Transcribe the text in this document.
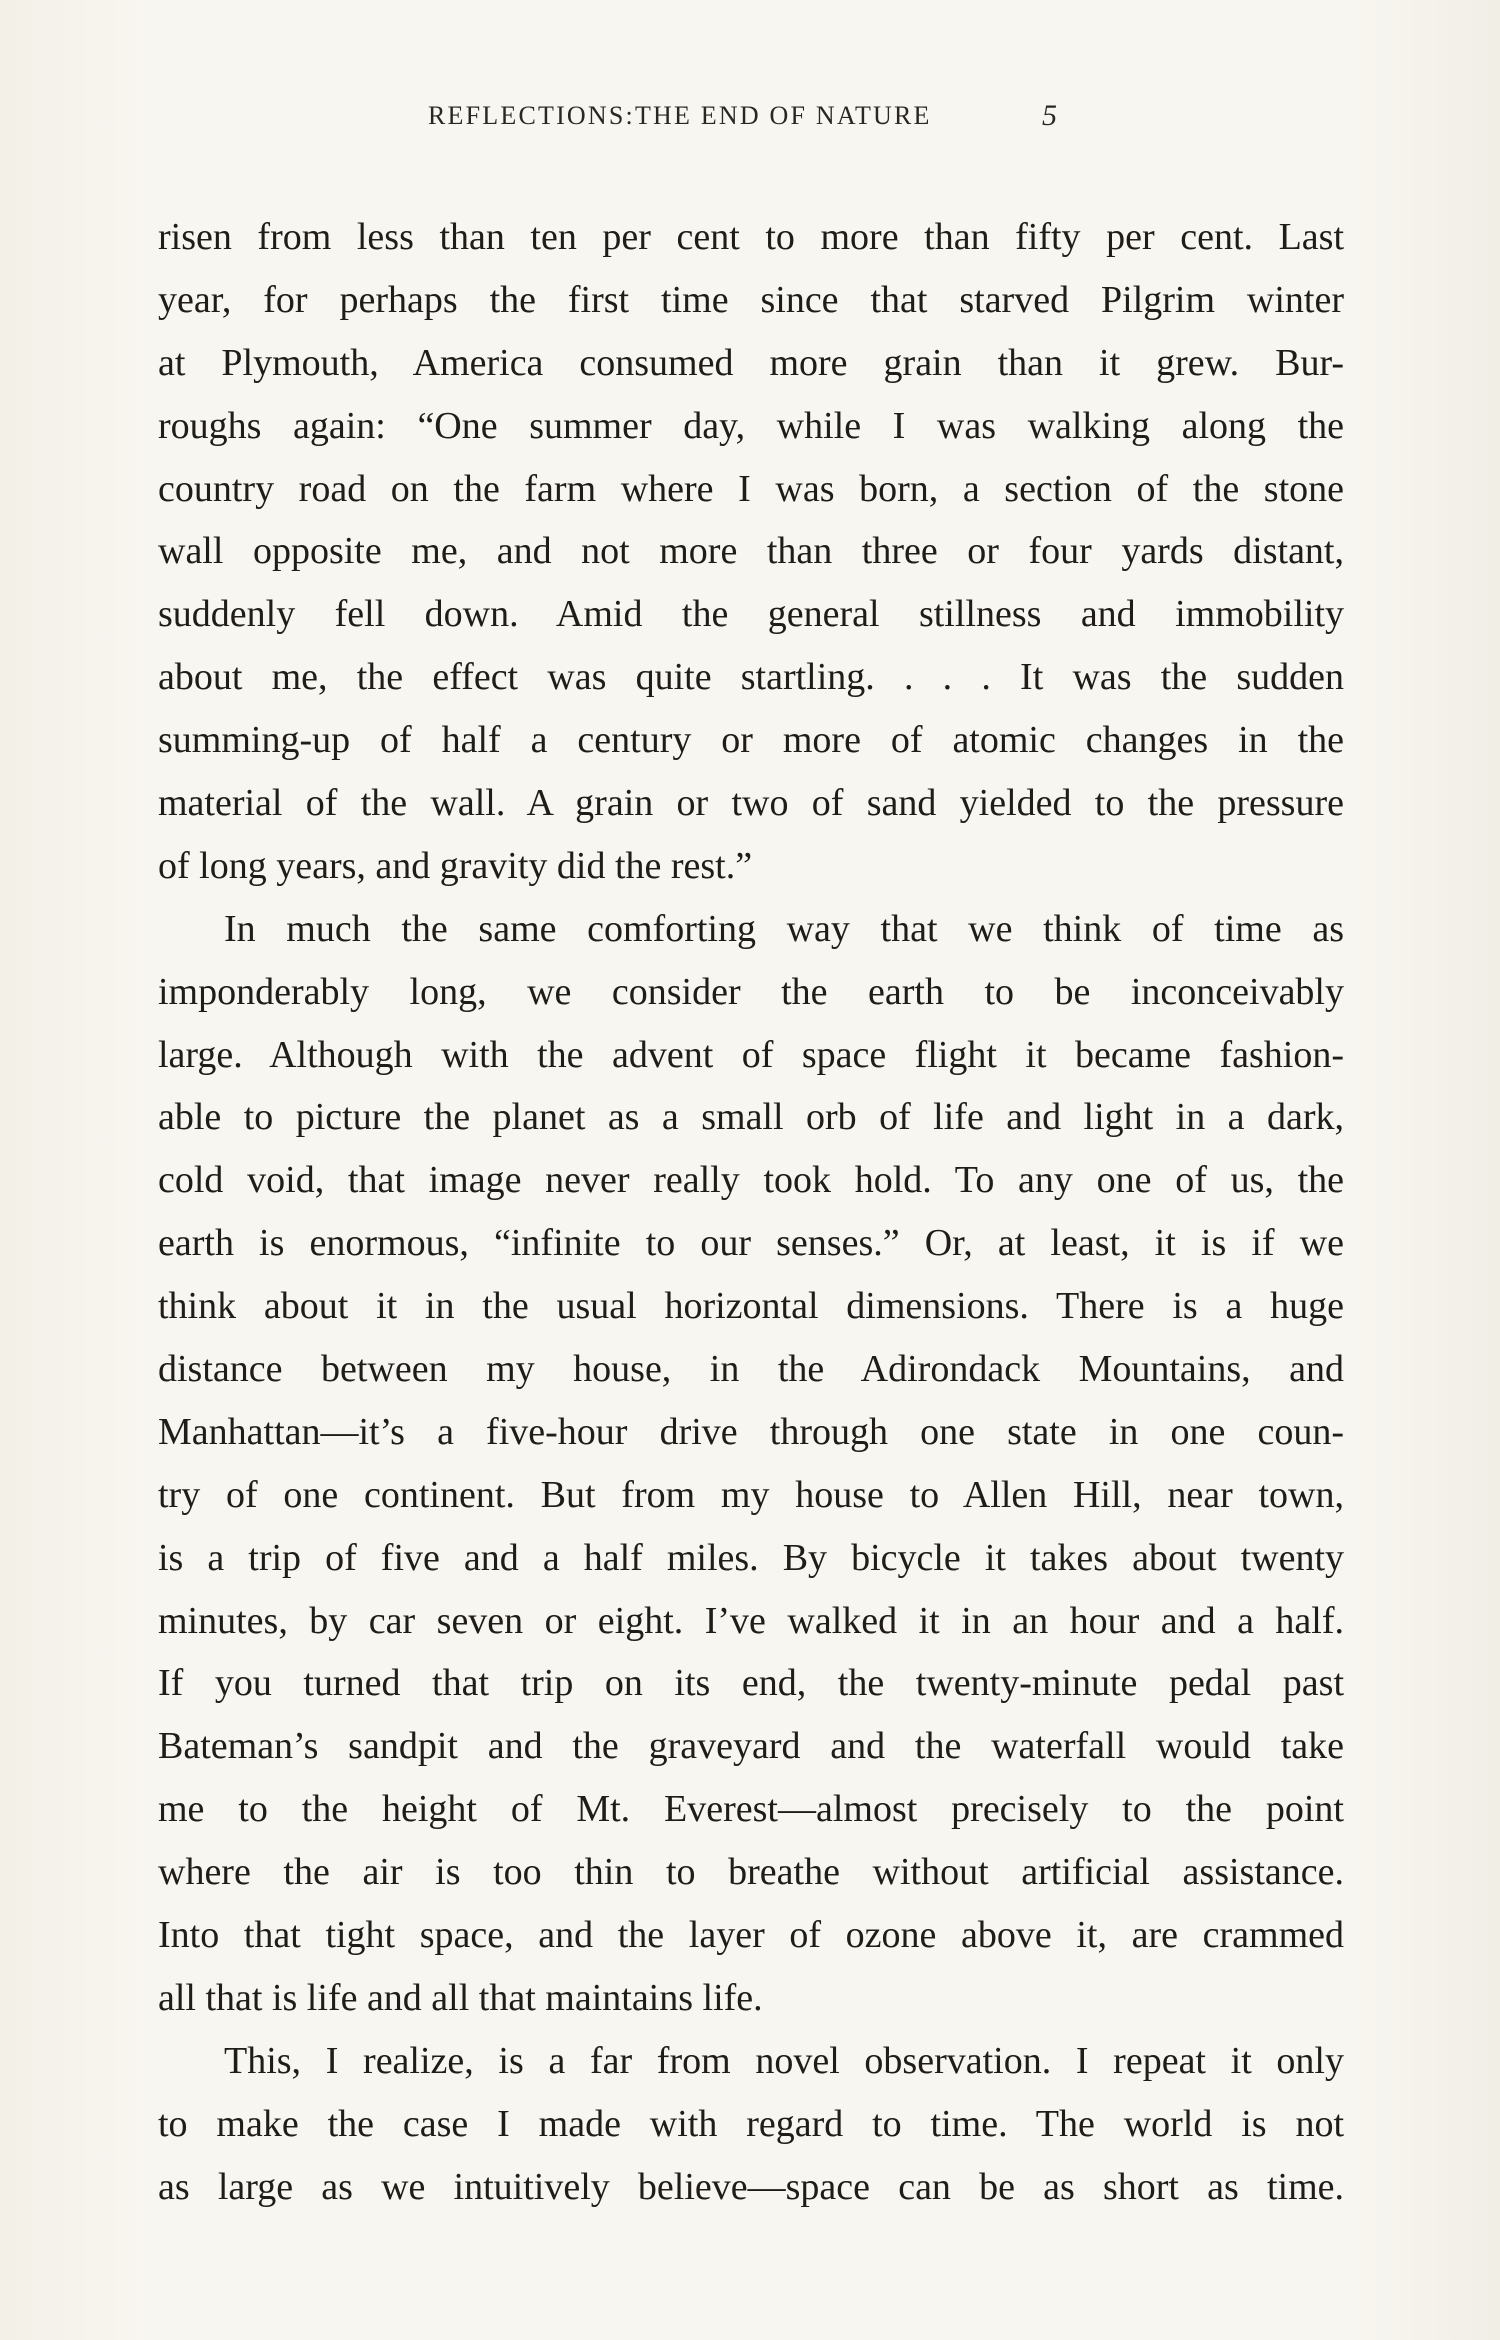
REFLECTIONS:THE END OF NATURE	5
risen from less than ten per cent to more than fifty per cent. Last
year, for perhaps the first time since that starved Pilgrim winter
at Plymouth, America consumed more grain than it grew. Bur-
roughs again: “One summer day, while I was walking along the
country road on the farm where I was born, a section of the stone
wall opposite me, and not more than three or four yards distant,
suddenly fell down. Amid the general stillness and immobility
about me, the effect was quite startling. . . . It was the sudden
summing-up of half a century or more of atomic changes in the
material of the wall. A grain or two of sand yielded to the pressure
of long years, and gravity did the rest.”
In much the same comforting way that we think of time as
imponderably long, we consider the earth to be inconceivably
large. Although with the advent of space flight it became fashion-
able to picture the planet as a small orb of life and light in a dark,
cold void, that image never really took hold. To any one of us, the
earth is enormous, “infinite to our senses.” Or, at least, it is if we
think about it in the usual horizontal dimensions. There is a huge
distance between my house, in the Adirondack Mountains, and
Manhattan—it’s a five-hour drive through one state in one coun-
try of one continent. But from my house to Allen Hill, near town,
is a trip of five and a half miles. By bicycle it takes about twenty
minutes, by car seven or eight. I’ve walked it in an hour and a half.
If you turned that trip on its end, the twenty-minute pedal past
Bateman’s sandpit and the graveyard and the waterfall would take
me to the height of Mt. Everest—almost precisely to the point
where the air is too thin to breathe without artificial assistance.
Into that tight space, and the layer of ozone above it, are crammed
all that is life and all that maintains life.
This, I realize, is a far from novel observation. I repeat it only
to make the case I made with regard to time. The world is not
as large as we intuitively believe—space can be as short as time.
